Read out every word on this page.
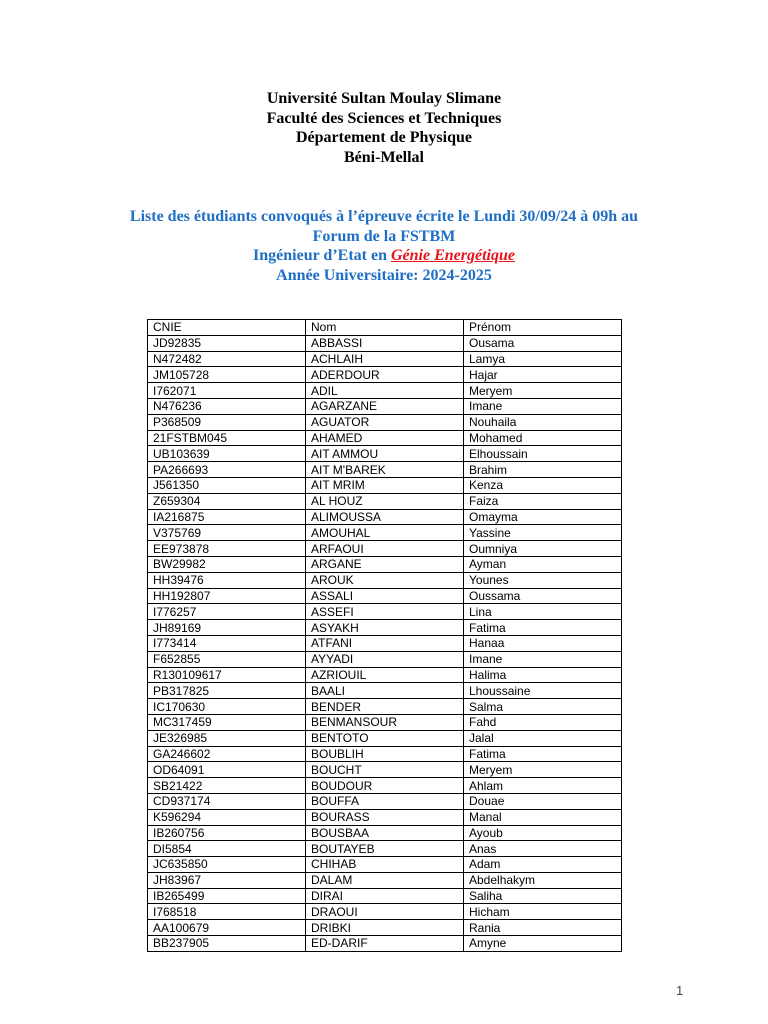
Université Sultan Moulay Slimane
Faculté des Sciences et Techniques
Département de Physique
Béni-Mellal
Liste des étudiants convoqués à l’épreuve écrite le Lundi 30/09/24 à 09h au
Forum de la FSTBM
Ingénieur d’Etat en Génie Energétique
Année Universitaire: 2024-2025
CNIE	Nom	Prénom
JD92835	ABBASSI	Ousama
N472482	ACHLAIH	Lamya
JM105728	ADERDOUR	Hajar
I762071	ADIL	Meryem
N476236	AGARZANE	Imane
P368509	AGUATOR	Nouhaila
21FSTBM045	AHAMED	Mohamed
UB103639	AIT AMMOU	Elhoussain
PA266693	AIT M'BAREK	Brahim
J561350	AIT MRIM	Kenza
Z659304	AL HOUZ	Faiza
IA216875	ALIMOUSSA	Omayma
V375769	AMOUHAL	Yassine
EE973878	ARFAOUI	Oumniya
BW29982	ARGANE	Ayman
HH39476	AROUK	Younes
HH192807	ASSALI	Oussama
I776257	ASSEFI	Lina
JH89169	ASYAKH	Fatima
I773414	ATFANI	Hanaa
F652855	AYYADI	Imane
R130109617	AZRIOUIL	Halima
PB317825	BAALI	Lhoussaine
IC170630	BENDER	Salma
MC317459	BENMANSOUR	Fahd
JE326985	BENTOTO	Jalal
GA246602	BOUBLIH	Fatima
OD64091	BOUCHT	Meryem
SB21422	BOUDOUR	Ahlam
CD937174	BOUFFA	Douae
K596294	BOURASS	Manal
IB260756	BOUSBAA	Ayoub
DI5854	BOUTAYEB	Anas
JC635850	CHIHAB	Adam
JH83967	DALAM	Abdelhakym
IB265499	DIRAI	Saliha
I768518	DRAOUI	Hicham
AA100679	DRIBKI	Rania
BB237905	ED-DARIF	Amyne
1
